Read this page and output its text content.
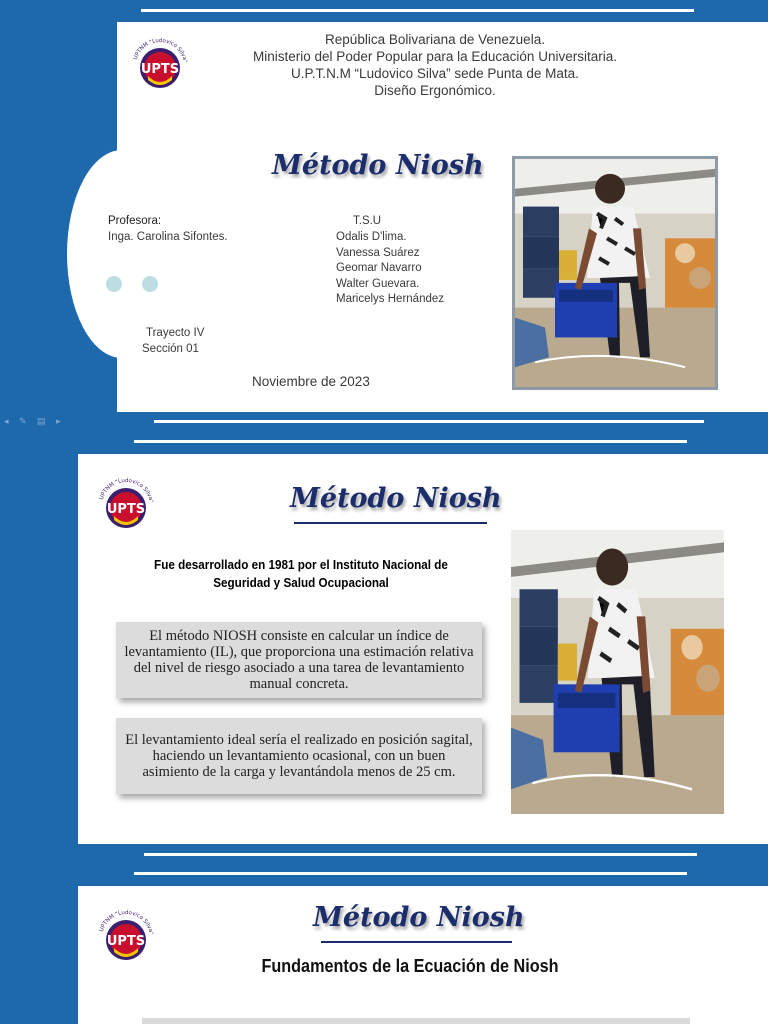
República Bolivariana de Venezuela.
Ministerio del Poder Popular para la Educación Universitaria.
U.P.T.N.M “Ludovico Silva” sede Punta de Mata.
Diseño Ergonómico.
Método Niosh
Profesora:
Inga. Carolina Sifontes.
T.S.U
Odalis D'lima.
Vanessa Suárez
Geomar Navarro
Walter Guevara.
Maricelys Hernández
Trayecto IV
Sección 01
Noviembre de 2023
◂ ✎ ▤ ▸
Método Niosh
Fue desarrollado en 1981 por el Instituto Nacional de
Seguridad y Salud Ocupacional
El método NIOSH consiste en calcular un índice de levantamiento (IL), que proporciona una estimación relativa del nivel de riesgo asociado a una tarea de levantamiento manual concreta.
El levantamiento ideal sería el realizado en posición sagital, haciendo un levantamiento ocasional, con un buen asimiento de la carga y levantándola menos de 25 cm.
Método Niosh
Fundamentos de la Ecuación de Niosh
